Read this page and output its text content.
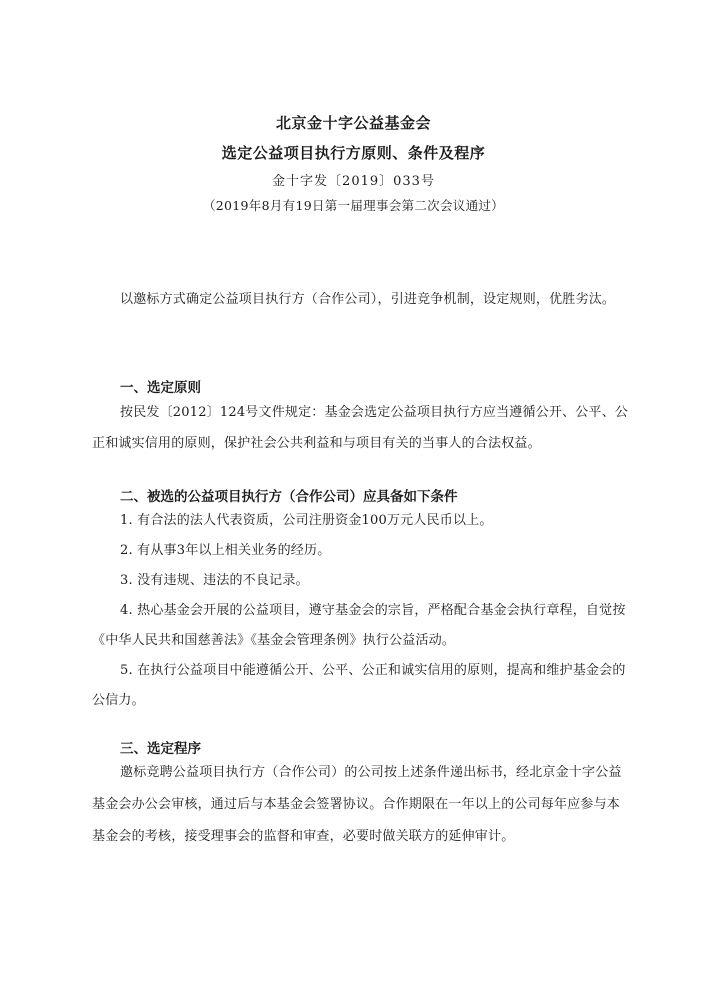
北京金十字公益基金会
选定公益项目执行方原则、条件及程序
金十字发〔2019〕033号
（2019年8月有19日第一届理事会第二次会议通过）
以邀标方式确定公益项目执行方（合作公司），引进竞争机制，设定规则，优胜劣汰。
一、选定原则
按民发〔2012〕124号文件规定：基金会选定公益项目执行方应当遵循公开、公平、公正和诚实信用的原则，保护社会公共利益和与项目有关的当事人的合法权益。
二、被选的公益项目执行方（合作公司）应具备如下条件
1. 有合法的法人代表资质，公司注册资金100万元人民币以上。
2. 有从事3年以上相关业务的经历。
3. 没有违规、违法的不良记录。
4. 热心基金会开展的公益项目，遵守基金会的宗旨，严格配合基金会执行章程，自觉按《中华人民共和国慈善法》《基金会管理条例》执行公益活动。
5. 在执行公益项目中能遵循公开、公平、公正和诚实信用的原则，提高和维护基金会的公信力。
三、选定程序
邀标竞聘公益项目执行方（合作公司）的公司按上述条件递出标书，经北京金十字公益基金会办公会审核，通过后与本基金会签署协议。合作期限在一年以上的公司每年应参与本基金会的考核，接受理事会的监督和审查，必要时做关联方的延伸审计。
